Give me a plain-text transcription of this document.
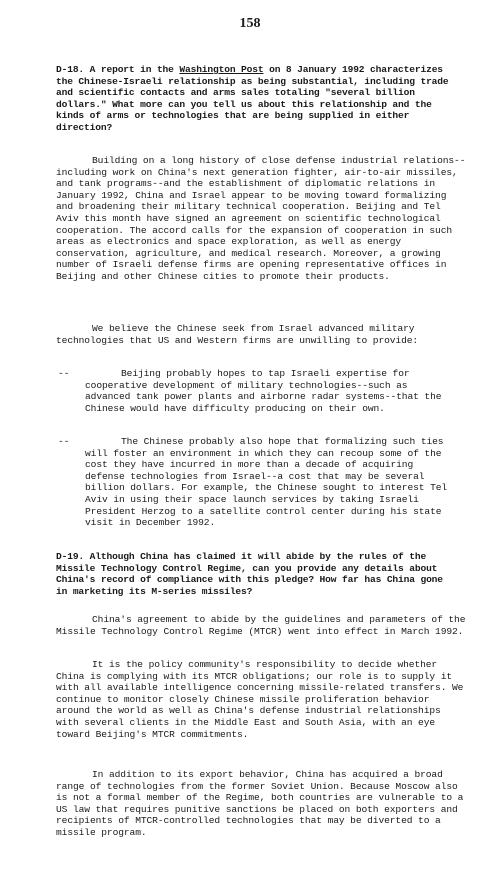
158
D-18. A report in the Washington Post on 8 January 1992 characterizes the Chinese-Israeli relationship as being substantial, including trade and scientific contacts and arms sales totaling "several billion dollars." What more can you tell us about this relationship and the kinds of arms or technologies that are being supplied in either direction?
Building on a long history of close defense industrial relations--including work on China's next generation fighter, air-to-air missiles, and tank programs--and the establishment of diplomatic relations in January 1992, China and Israel appear to be moving toward formalizing and broadening their military technical cooperation. Beijing and Tel Aviv this month have signed an agreement on scientific technological cooperation. The accord calls for the expansion of cooperation in such areas as electronics and space exploration, as well as energy conservation, agriculture, and medical research. Moreover, a growing number of Israeli defense firms are opening representative offices in Beijing and other Chinese cities to promote their products.
We believe the Chinese seek from Israel advanced military technologies that US and Western firms are unwilling to provide:
--	Beijing probably hopes to tap Israeli expertise for cooperative development of military technologies--such as advanced tank power plants and airborne radar systems--that the Chinese would have difficulty producing on their own.
--	The Chinese probably also hope that formalizing such ties will foster an environment in which they can recoup some of the cost they have incurred in more than a decade of acquiring defense technologies from Israel--a cost that may be several billion dollars. For example, the Chinese sought to interest Tel Aviv in using their space launch services by taking Israeli President Herzog to a satellite control center during his state visit in December 1992.
D-19. Although China has claimed it will abide by the rules of the Missile Technology Control Regime, can you provide any details about China's record of compliance with this pledge? How far has China gone in marketing its M-series missiles?
China's agreement to abide by the guidelines and parameters of the Missile Technology Control Regime (MTCR) went into effect in March 1992.
It is the policy community's responsibility to decide whether China is complying with its MTCR obligations; our role is to supply it with all available intelligence concerning missile-related transfers. We continue to monitor closely Chinese missile proliferation behavior around the world as well as China's defense industrial relationships with several clients in the Middle East and South Asia, with an eye toward Beijing's MTCR commitments.
In addition to its export behavior, China has acquired a broad range of technologies from the former Soviet Union. Because Moscow also is not a formal member of the Regime, both countries are vulnerable to a US law that requires punitive sanctions be placed on both exporters and recipients of MTCR-controlled technologies that may be diverted to a missile program.
